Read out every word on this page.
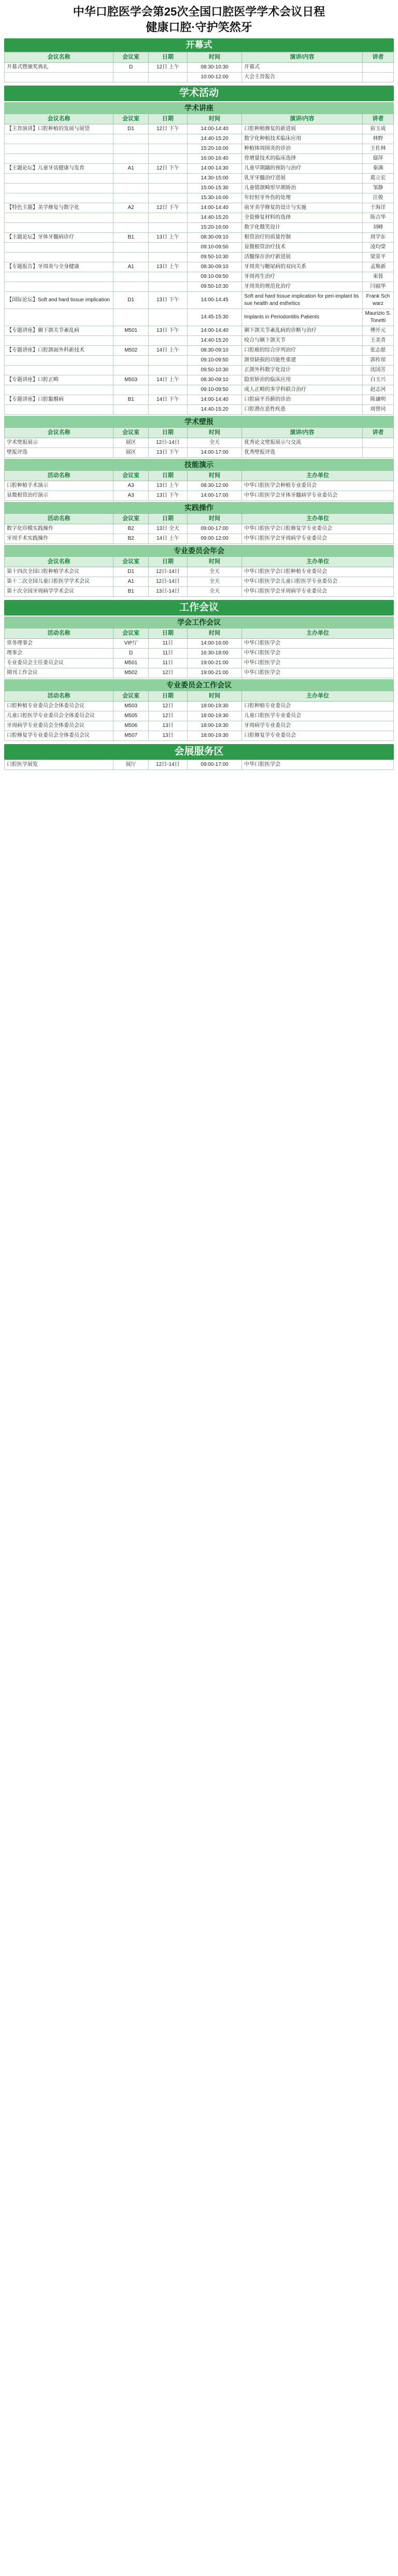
中华口腔医学会第25次全国口腔医学学术会议日程
健康口腔·守护笑然牙
开幕式
会议名称	会议室	日期	时间	演讲/内容	讲者
开幕式暨颁奖典礼	D	12日 上午	08:30-10:30	开幕式	
			10:00-12:00	大会主旨报告	
学术活动
学术讲座
会议名称	会议室	日期	时间	演讲/内容	讲者
【主旨演讲】口腔种植的发展与展望	D1	12日 下午	14:00-14:40	口腔种植修复的新进展	宿玉成
			14:40-15:20	数字化种植技术临床应用	林野
			15:20-16:00	种植体周围炎的诊治	王佐林
			16:00-16:40	骨增量技术的临床选择	邸萍
【主题论坛】儿童牙齿健康与发育	A1	12日 下午	14:00-14:30	儿童早期龋的预防与治疗	秦满
			14:30-15:00	乳牙牙髓治疗进展	葛立宏
			15:00-15:30	儿童错颌畸形早期矫治	邹静
			15:30-16:00	年轻恒牙外伤的处理	汪俊
【特色主题】美学修复与数字化	A2	12日 下午	14:00-14:40	前牙美学修复的设计与实施	于海洋
			14:40-15:20	全瓷修复材料的选择	陈吉华
			15:20-16:00	数字化微笑设计	刘峰
【主题论坛】牙体牙髓病诊疗	B1	13日 上午	08:30-09:10	根管治疗的质量控制	周学东
			09:10-09:50	显微根管治疗技术	凌均棨
			09:50-10:30	活髓保存治疗新进展	梁景平
【专题报告】牙周炎与全身健康	A1	13日 上午	08:30-09:10	牙周炎与糖尿病的双向关系	孟焕新
			09:10-09:50	牙周再生治疗	束蓉
			09:50-10:30	牙周炎的规范化治疗	闫福华
【国际论坛】Soft and hard tissue implication	D1	13日 下午	14:00-14:45	Soft and hard tissue implication for peri-implant tissue health and esthetics	Frank Schwarz
			14:45-15:30	Implants in Periodontitis Patients	Maurizio S. Tonetti
【专题讲座】颞下颌关节紊乱病	M501	13日 下午	14:00-14:40	颞下颌关节紊乱病的诊断与治疗	傅开元
			14:40-15:20	咬合与颞下颌关节	王美青
【专题讲座】口腔颌面外科新技术	M502	14日 上午	08:30-09:10	口腔癌的综合序列治疗	张志愿
			09:10-09:50	颌骨缺损的功能性重建	郭传瑸
			09:50-10:30	正颌外科数字化设计	沈国芳
【专题讲座】口腔正畸	M503	14日 上午	08:30-09:10	隐形矫治的临床应用	白玉兴
			09:10-09:50	成人正畸的多学科联合治疗	赵志河
【专题讲座】口腔黏膜病	B1	14日 下午	14:00-14:40	口腔扁平苔藓的诊治	陈谦明
			14:40-15:20	口腔潜在恶性疾患	周曾同
学术壁报
会议名称	会议室	日期	时间	演讲/内容	讲者
学术壁报展示	展区	12日-14日	全天	优秀论文壁报展示与交流	
壁报评选	展区	13日 下午	14:00-17:00	优秀壁报评选	
技能演示
活动名称	会议室	日期	时间	主办单位
口腔种植手术演示	A3	13日 上午	08:30-12:00	中华口腔医学会种植专业委员会
显微根管治疗演示	A3	13日 下午	14:00-17:00	中华口腔医学会牙体牙髓病学专业委员会
实践操作
活动名称	会议室	日期	时间	主办单位
数字化印模实践操作	B2	13日 全天	09:00-17:00	中华口腔医学会口腔修复学专业委员会
牙周手术实践操作	B2	14日 上午	09:00-12:00	中华口腔医学会牙周病学专业委员会
专业委员会年会
会议名称	会议室	日期	时间	主办单位
第十四次全国口腔种植学术会议	D1	12日-14日	全天	中华口腔医学会口腔种植专业委员会
第十二次全国儿童口腔医学学术会议	A1	12日-14日	全天	中华口腔医学会儿童口腔医学专业委员会
第十次全国牙周病学学术会议	B1	13日-14日	全天	中华口腔医学会牙周病学专业委员会
工作会议
学会工作会议
活动名称	会议室	日期	时间	主办单位
常务理事会	VIP厅	11日	14:00-16:00	中华口腔医学会
理事会	D	11日	16:30-18:00	中华口腔医学会
专业委员会主任委员会议	M501	11日	19:00-21:00	中华口腔医学会
期刊工作会议	M502	12日	19:00-21:00	中华口腔医学会
专业委员会工作会议
活动名称	会议室	日期	时间	主办单位
口腔种植专业委员会全体委员会议	M503	12日	18:00-19:30	口腔种植专业委员会
儿童口腔医学专业委员会全体委员会议	M505	12日	18:00-19:30	儿童口腔医学专业委员会
牙周病学专业委员会全体委员会议	M506	13日	18:00-19:30	牙周病学专业委员会
口腔修复学专业委员会全体委员会议	M507	13日	18:00-19:30	口腔修复学专业委员会
会展服务区
口腔医学展览	展厅	12日-14日	09:00-17:00	中华口腔医学会
